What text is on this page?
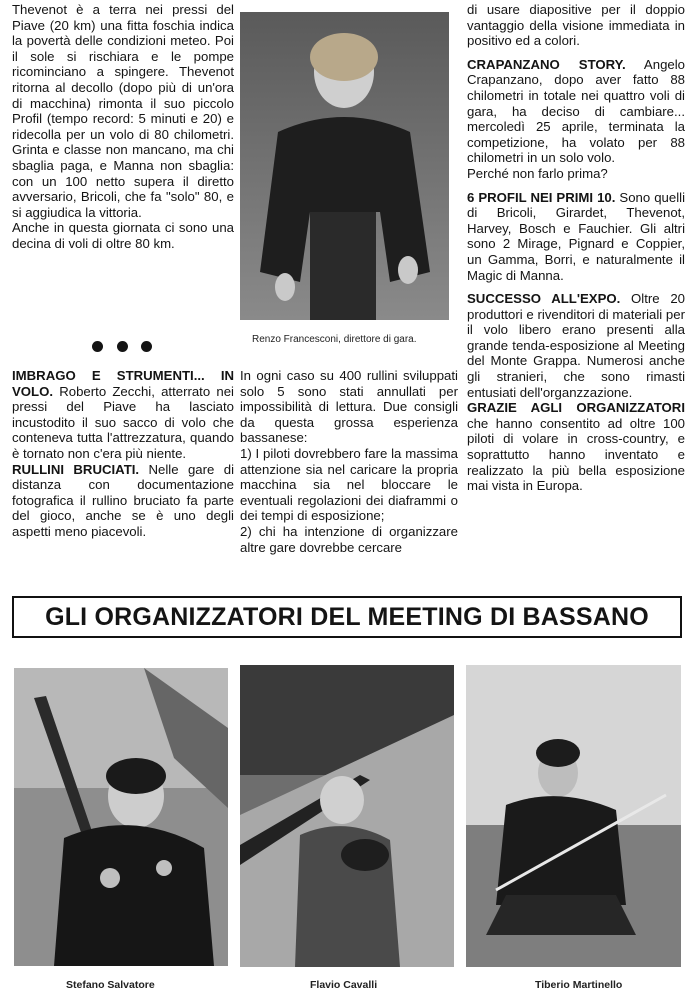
Thevenot è a terra nei pressi del Piave (20 km) una fitta foschia indica la povertà delle condizioni meteo. Poi il sole si rischiara e le pompe ricominciano a spingere. Thevenot ritorna al decollo (dopo più di un'ora di macchina) rimonta il suo piccolo Profil (tempo record: 5 minuti e 20) e ridecolla per un volo di 80 chilometri. Grinta e classe non mancano, ma chi sbaglia paga, e Manna non sbaglia: con un 100 netto supera il diretto avversario, Bricoli, che fa "solo" 80, e si aggiudica la vittoria.

Anche in questa giornata ci sono una decina di voli di oltre 80 km.

IMBRAGO E STRUMENTI... IN VOLO. Roberto Zecchi, atterrato nei pressi del Piave ha lasciato incustodito il suo sacco di volo che conteneva tutta l'attrezzatura, quando è tornato non c'era più niente.

RULLINI BRUCIATI. Nelle gare di distanza con documentazione fotografica il rullino bruciato fa parte del gioco, anche se è uno degli aspetti meno piacevoli.

Renzo Francesconi, direttore di gara.

In ogni caso su 400 rullini sviluppati solo 5 sono stati annullati per impossibilità di lettura. Due consigli da questa grossa esperienza bassanese:

1) I piloti dovrebbero fare la massima attenzione sia nel caricare la propria macchina sia nel bloccare le eventuali regolazioni dei diaframmi o dei tempi di esposizione;

2) chi ha intenzione di organizzare altre gare dovrebbe cercare

di usare diapositive per il doppio vantaggio della visione immediata in positivo ed a colori.

CRAPANZANO STORY. Angelo Crapanzano, dopo aver fatto 88 chilometri in totale nei quattro voli di gara, ha deciso di cambiare... mercoledì 25 aprile, terminata la competizione, ha volato per 88 chilometri in un solo volo.

Perché non farlo prima?

6 PROFIL NEI PRIMI 10. Sono quelli di Bricoli, Girardet, Thevenot, Harvey, Bosch e Fauchier. Gli altri sono 2 Mirage, Pignard e Coppier, un Gamma, Borri, e naturalmente il Magic di Manna.

SUCCESSO ALL'EXPO. Oltre 20 produttori e rivenditori di materiali per il volo libero erano presenti alla grande tenda-esposizione al Meeting del Monte Grappa. Numerosi anche gli stranieri, che sono rimasti entusiati dell'organzzazione.

GRAZIE AGLI ORGANIZZATORI che hanno consentito ad oltre 100 piloti di volare in cross-country, e soprattutto hanno inventato e realizzato la più bella esposizione mai vista in Europa.

GLI ORGANIZZATORI DEL MEETING DI BASSANO
Stefano Salvatore	Flavio Cavalli	Tiberio Martinello
